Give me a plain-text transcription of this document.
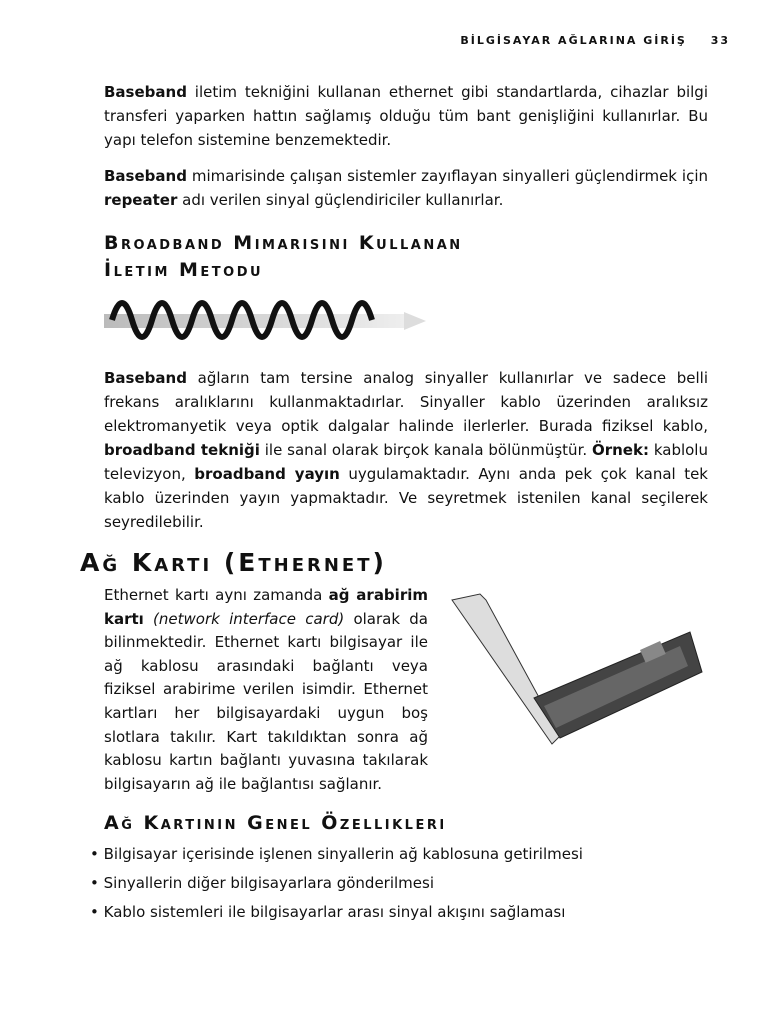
BİLGİSAYAR AĞLARINA GİRİŞ 33
Baseband iletim tekniğini kullanan ethernet gibi standartlarda, cihazlar bilgi transferi yaparken hattın sağlamış olduğu tüm bant genişliğini kullanırlar. Bu yapı telefon sistemine benzemektedir.
Baseband mimarisinde çalışan sistemler zayıflayan sinyalleri güçlendirmek için repeater adı verilen sinyal güçlendiriciler kullanırlar.
Broadband Mimarisini Kullanan
İletim Metodu
Baseband ağların tam tersine analog sinyaller kullanırlar ve sadece belli frekans aralıklarını kullanmaktadırlar. Sinyaller kablo üzerinden aralıksız elektromanyetik veya optik dalgalar halinde ilerlerler. Burada fiziksel kablo, broadband tekniği ile sanal olarak birçok kanala bölünmüştür. Örnek: kablolu televizyon, broadband yayın uygulamaktadır. Aynı anda pek çok kanal tek kablo üzerinden yayın yapmaktadır. Ve seyretmek istenilen kanal seçilerek seyredilebilir.
Ağ Kartı (Ethernet)
Ethernet kartı aynı zamanda ağ arabirim kartı (network interface card) olarak da bilinmektedir. Ethernet kartı bilgisayar ile ağ kablosu arasındaki bağlantı veya fiziksel arabirime verilen isimdir. Ethernet kartları her bilgisayardaki uygun boş slotlara takılır. Kart takıldıktan sonra ağ kablosu kartın bağlantı yuvasına takılarak bilgisayarın ağ ile bağlantısı sağlanır.
Ağ Kartının Genel Özellikleri
• Bilgisayar içerisinde işlenen sinyallerin ağ kablosuna getirilmesi
• Sinyallerin diğer bilgisayarlara gönderilmesi
• Kablo sistemleri ile bilgisayarlar arası sinyal akışını sağlaması
